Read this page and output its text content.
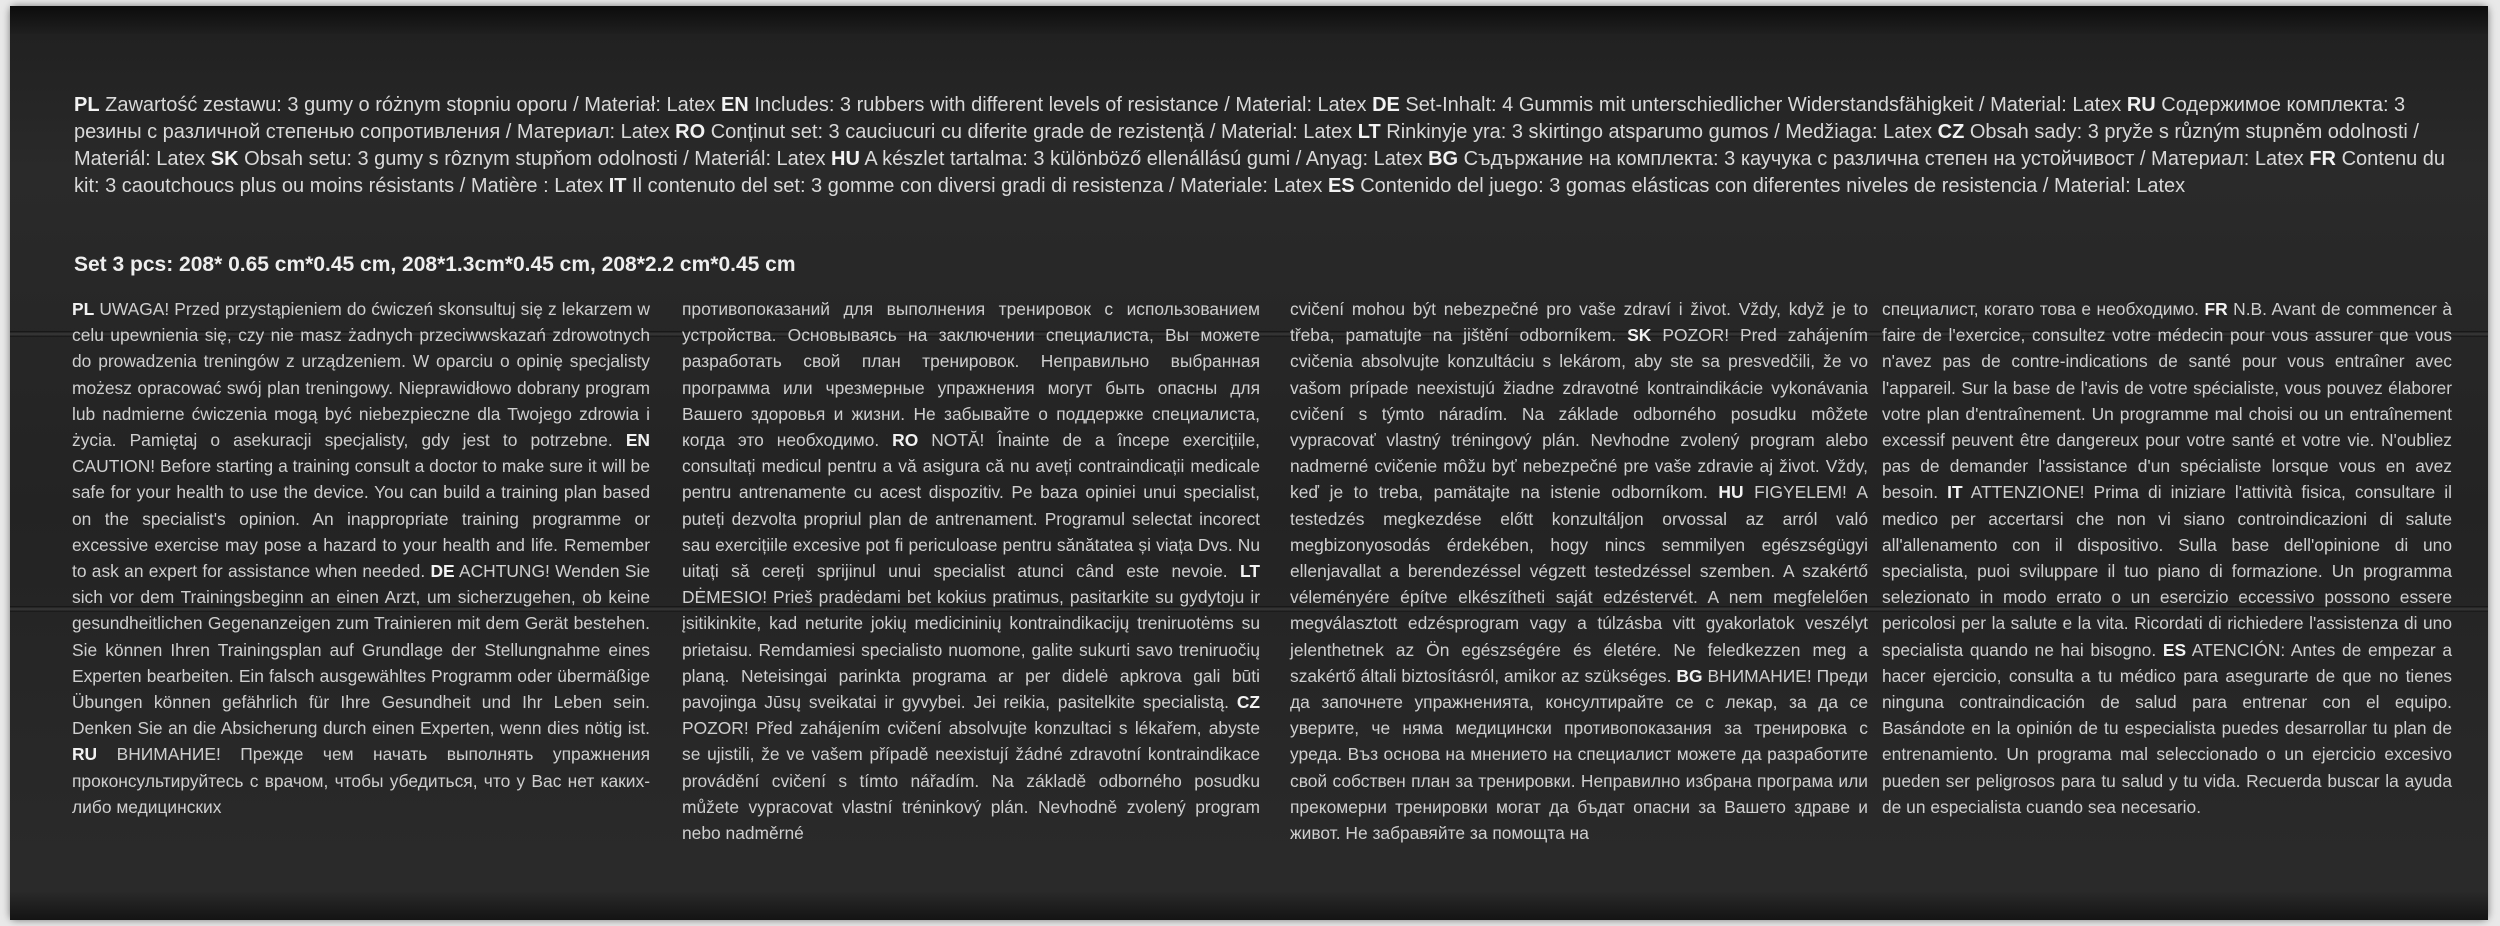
PL Zawartość zestawu: 3 gumy o różnym stopniu oporu / Materiał: Latex EN Includes: 3 rubbers with different levels of resistance / Material: Latex DE Set-Inhalt: 4 Gummis mit unterschiedlicher Widerstandsfähigkeit / Material: Latex RU Содержимое комплекта: 3 резины с различной степенью сопротивления / Материал: Latex RO Conținut set: 3 cauciucuri cu diferite grade de rezistență / Material: Latex LT Rinkinyje yra: 3 skirtingo atsparumo gumos / Medžiaga: Latex CZ Obsah sady: 3 pryže s různým stupněm odolnosti / Materiál: Latex SK Obsah setu: 3 gumy s rôznym stupňom odolnosti / Materiál: Latex HU A készlet tartalma: 3 különböző ellenállású gumi / Anyag: Latex BG Съдържание на комплекта: 3 каучука с различна степен на устойчивост / Материал: Latex FR Contenu du kit: 3 caoutchoucs plus ou moins résistants / Matière : Latex IT Il contenuto del set: 3 gomme con diversi gradi di resistenza / Materiale: Latex ES Contenido del juego: 3 gomas elásticas con diferentes niveles de resistencia / Material: Latex
Set 3 pcs: 208* 0.65 cm*0.45 cm, 208*1.3cm*0.45 cm, 208*2.2 cm*0.45 cm
PL UWAGA! Przed przystąpieniem do ćwiczeń skonsultuj się z lekarzem w celu upewnienia się, czy nie masz żadnych przeciwwskazań zdrowotnych do prowadzenia treningów z urządzeniem. W oparciu o opinię specjalisty możesz opracować swój plan treningowy. Nieprawidłowo dobrany program lub nadmierne ćwiczenia mogą być niebezpieczne dla Twojego zdrowia i życia. Pamiętaj o asekuracji specjalisty, gdy jest to potrzebne. EN CAUTION! Before starting a training consult a doctor to make sure it will be safe for your health to use the device. You can build a training plan based on the specialist's opinion. An inappropriate training programme or excessive exercise may pose a hazard to your health and life. Remember to ask an expert for assistance when needed. DE ACHTUNG! Wenden Sie sich vor dem Trainingsbeginn an einen Arzt, um sicherzugehen, ob keine gesundheitlichen Gegenanzeigen zum Trainieren mit dem Gerät bestehen. Sie können Ihren Trainingsplan auf Grundlage der Stellungnahme eines Experten bearbeiten. Ein falsch ausgewähltes Programm oder übermäßige Übungen können gefährlich für Ihre Gesundheit und Ihr Leben sein. Denken Sie an die Absicherung durch einen Experten, wenn dies nötig ist. RU ВНИМАНИЕ! Прежде чем начать выполнять упражнения проконсультируйтесь с врачом, чтобы убедиться, что у Вас нет каких-либо медицинских
противопоказаний для выполнения тренировок с использованием устройства. Основываясь на заключении специалиста, Вы можете разработать свой план тренировок. Неправильно выбранная программа или чрезмерные упражнения могут быть опасны для Вашего здоровья и жизни. Не забывайте о поддержке специалиста, когда это необходимо. RO NOTĂ! Înainte de a începe exercițiile, consultați medicul pentru a vă asigura că nu aveți contraindicații medicale pentru antrenamente cu acest dispozitiv. Pe baza opiniei unui specialist, puteți dezvolta propriul plan de antrenament. Programul selectat incorect sau exercițiile excesive pot fi periculoase pentru sănătatea și viața Dvs. Nu uitați să cereți sprijinul unui specialist atunci când este nevoie. LT DĖMESIO! Prieš pradėdami bet kokius pratimus, pasitarkite su gydytoju ir įsitikinkite, kad neturite jokių medicininių kontraindikacijų treniruotėms su prietaisu. Remdamiesi specialisto nuomone, galite sukurti savo treniruočių planą. Neteisingai parinkta programa ar per didelė apkrova gali būti pavojinga Jūsų sveikatai ir gyvybei. Jei reikia, pasitelkite specialistą. CZ POZOR! Před zahájením cvičení absolvujte konzultaci s lékařem, abyste se ujistili, že ve vašem případě neexistují žádné zdravotní kontraindikace provádění cvičení s tímto nářadím. Na základě odborného posudku můžete vypracovat vlastní tréninkový plán. Nevhodně zvolený program nebo nadměrné
cvičení mohou být nebezpečné pro vaše zdraví i život. Vždy, když je to třeba, pamatujte na jištění odborníkem. SK POZOR! Pred zahájením cvičenia absolvujte konzultáciu s lekárom, aby ste sa presvedčili, že vo vašom prípade neexistujú žiadne zdravotné kontraindikácie vykonávania cvičení s týmto náradím. Na základe odborného posudku môžete vypracovať vlastný tréningový plán. Nevhodne zvolený program alebo nadmerné cvičenie môžu byť nebezpečné pre vaše zdravie aj život. Vždy, keď je to treba, pamätajte na istenie odborníkom. HU FIGYELEM! A testedzés megkezdése előtt konzultáljon orvossal az arról való megbizonyosodás érdekében, hogy nincs semmilyen egészségügyi ellenjavallat a berendezéssel végzett testedzéssel szemben. A szakértő véleményére építve elkészítheti saját edzéstervét. A nem megfelelően megválasztott edzésprogram vagy a túlzásba vitt gyakorlatok veszélyt jelenthetnek az Ön egészségére és életére. Ne feledkezzen meg a szakértő általi biztosításról, amikor az szükséges. BG ВНИМАНИЕ! Преди да започнете упражненията, консултирайте се с лекар, за да се уверите, че няма медицински противопоказания за тренировка с уреда. Въз основа на мнението на специалист можете да разработите свой собствен план за тренировки. Неправилно избрана програма или прекомерни тренировки могат да бъдат опасни за Вашето здраве и живот. Не забравяйте за помощта на
специалист, когато това е необходимо. FR N.B. Avant de commencer à faire de l'exercice, consultez votre médecin pour vous assurer que vous n'avez pas de contre-indications de santé pour vous entraîner avec l'appareil. Sur la base de l'avis de votre spécialiste, vous pouvez élaborer votre plan d'entraînement. Un programme mal choisi ou un entraînement excessif peuvent être dangereux pour votre santé et votre vie. N'oubliez pas de demander l'assistance d'un spécialiste lorsque vous en avez besoin. IT ATTENZIONE! Prima di iniziare l'attività fisica, consultare il medico per accertarsi che non vi siano controindicazioni di salute all'allenamento con il dispositivo. Sulla base dell'opinione di uno specialista, puoi sviluppare il tuo piano di formazione. Un programma selezionato in modo errato o un esercizio eccessivo possono essere pericolosi per la salute e la vita. Ricordati di richiedere l'assistenza di uno specialista quando ne hai bisogno. ES ATENCIÓN: Antes de empezar a hacer ejercicio, consulta a tu médico para asegurarte de que no tienes ninguna contraindicación de salud para entrenar con el equipo. Basándote en la opinión de tu especialista puedes desarrollar tu plan de entrenamiento. Un programa mal seleccionado o un ejercicio excesivo pueden ser peligrosos para tu salud y tu vida. Recuerda buscar la ayuda de un especialista cuando sea necesario.
